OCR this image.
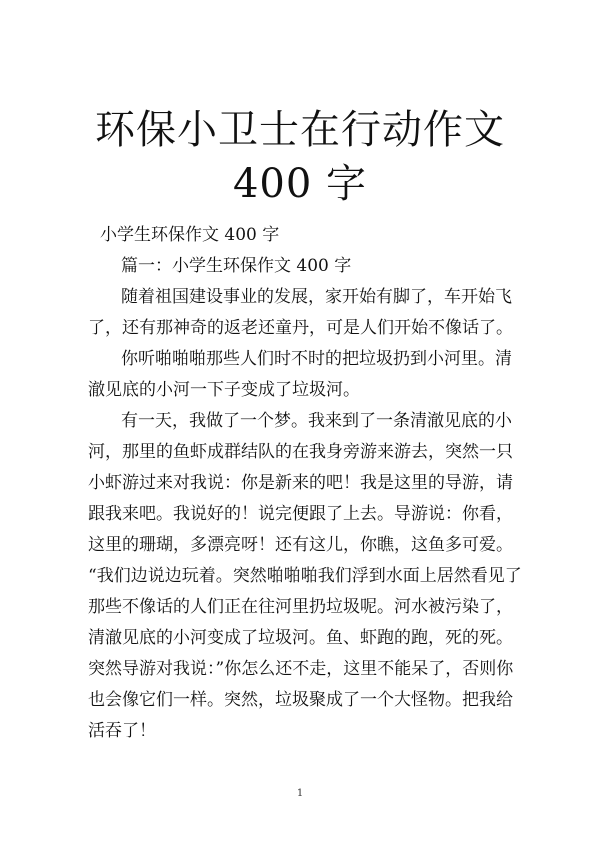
环保小卫士在行动作文
400 字

小学生环保作文 400 字

篇一：小学生环保作文 400 字

随着祖国建设事业的发展，家开始有脚了，车开始飞

了，还有那神奇的返老还童丹，可是人们开始不像话了。

你听啪啪啪那些人们时不时的把垃圾扔到小河里。清

澈见底的小河一下子变成了垃圾河。

有一天，我做了一个梦。我来到了一条清澈见底的小

河，那里的鱼虾成群结队的在我身旁游来游去，突然一只

小虾游过来对我说：你是新来的吧！我是这里的导游，请

跟我来吧。我说好的！说完便跟了上去。导游说：你看，

这里的珊瑚，多漂亮呀！还有这儿，你瞧，这鱼多可爱。

“我们边说边玩着。突然啪啪啪我们浮到水面上居然看见了

那些不像话的人们正在往河里扔垃圾呢。河水被污染了，

清澈见底的小河变成了垃圾河。鱼、虾跑的跑，死的死。

突然导游对我说：”你怎么还不走，这里不能呆了，否则你

也会像它们一样。突然，垃圾聚成了一个大怪物。把我给

活吞了！

1
